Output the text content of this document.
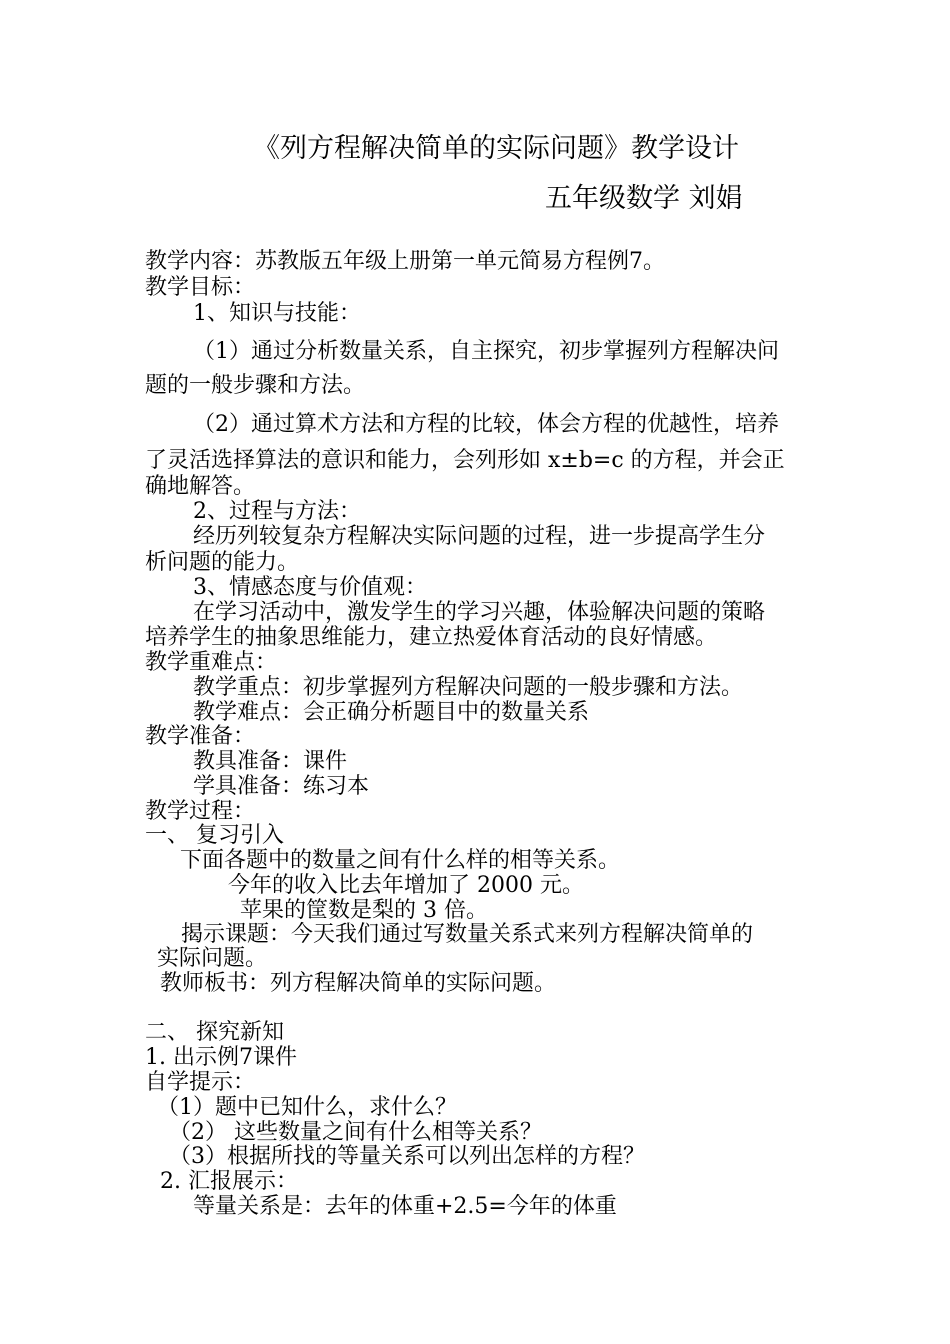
《列方程解决简单的实际问题》教学设计
五年级数学 刘娟
教学内容：苏教版五年级上册第一单元简易方程例7。
教学目标：
1、知识与技能：
（1）通过分析数量关系，自主探究，初步掌握列方程解决问
题的一般步骤和方法。
（2）通过算术方法和方程的比较，体会方程的优越性，培养
了灵活选择算法的意识和能力，会列形如 x±b=c 的方程，并会正
确地解答。
2、过程与方法：
经历列较复杂方程解决实际问题的过程，进一步提高学生分
析问题的能力。
3、情感态度与价值观：
在学习活动中，激发学生的学习兴趣，体验解决问题的策略
培养学生的抽象思维能力，建立热爱体育活动的良好情感。
教学重难点：
教学重点：初步掌握列方程解决问题的一般步骤和方法。
教学难点：会正确分析题目中的数量关系
教学准备：
教具准备：课件
学具准备：练习本
教学过程：
一、 复习引入
下面各题中的数量之间有什么样的相等关系。
今年的收入比去年增加了 2000 元。
苹果的筐数是梨的 3 倍。
揭示课题：今天我们通过写数量关系式来列方程解决简单的
实际问题。
教师板书：列方程解决简单的实际问题。
二、 探究新知
1. 出示例7课件
自学提示：
（1）题中已知什么，求什么？
（2） 这些数量之间有什么相等关系？
（3）根据所找的等量关系可以列出怎样的方程？
2. 汇报展示：
等量关系是：去年的体重+2.5=今年的体重
